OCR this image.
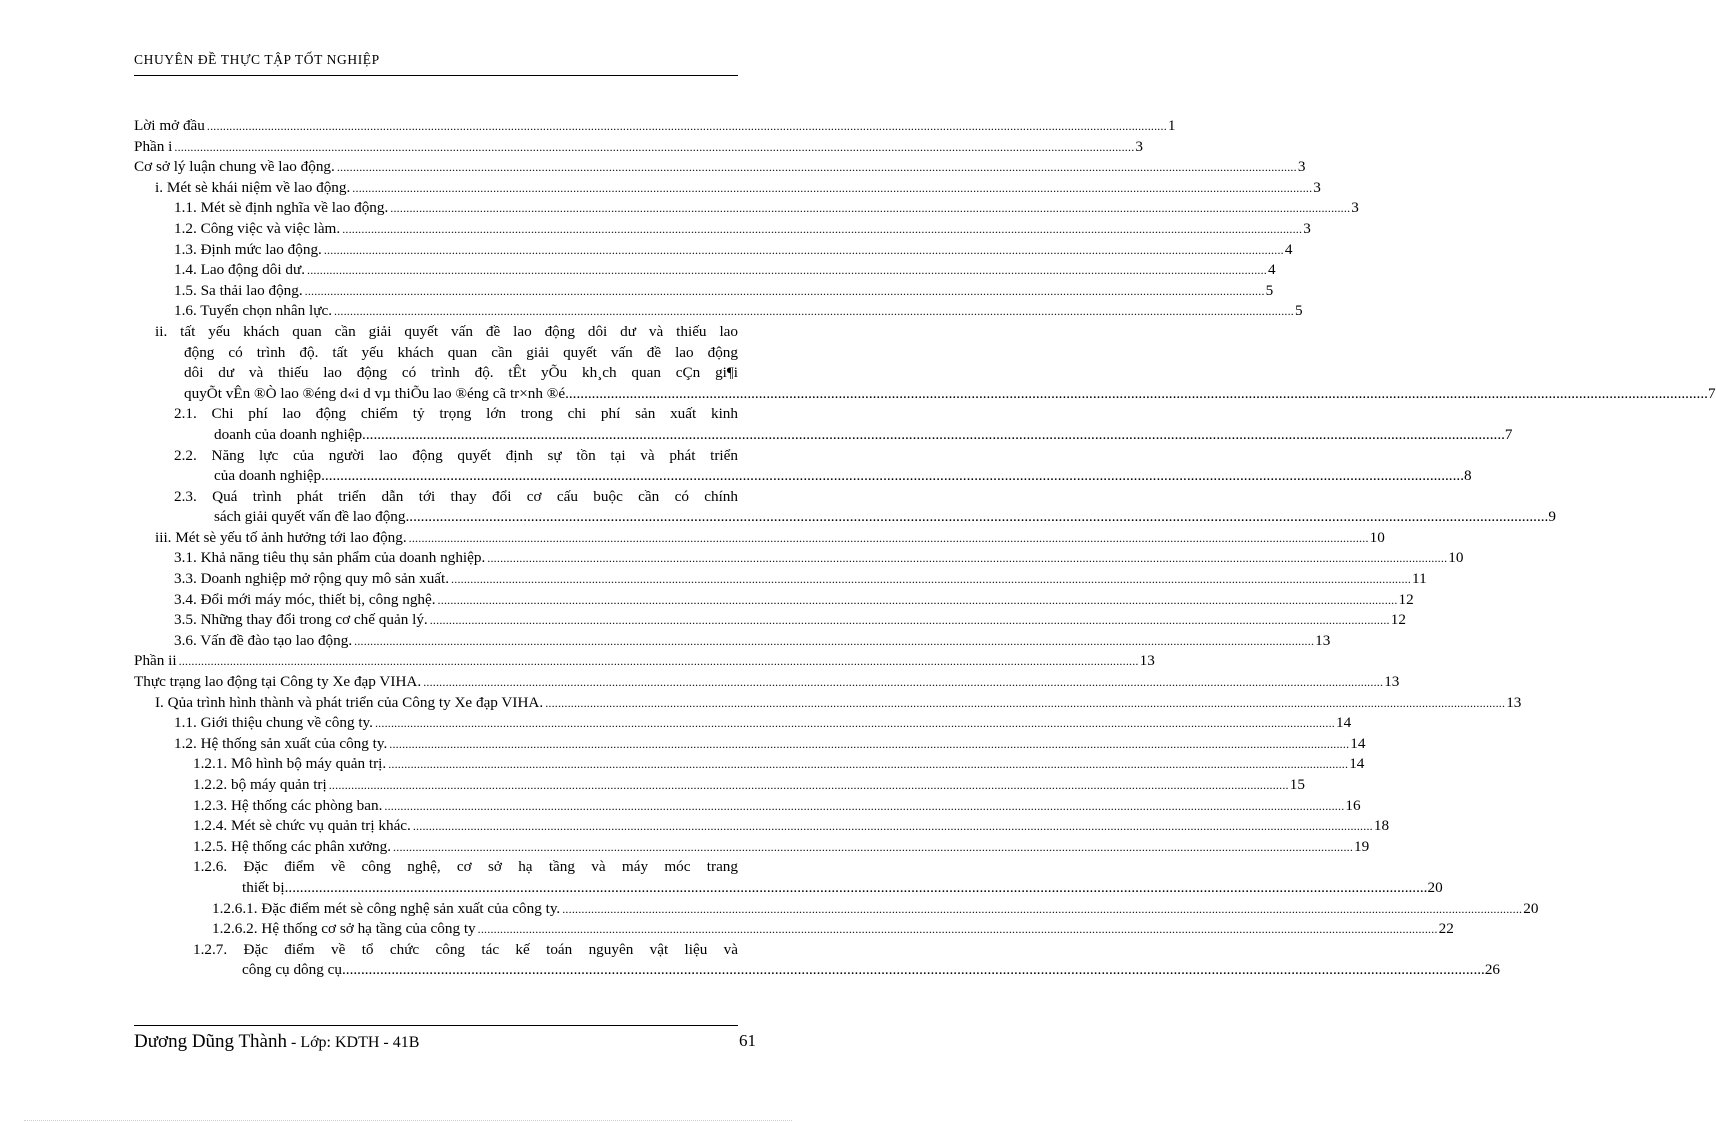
CHUYÊN ĐỀ THỰC TẬP TỐT NGHIỆP
Lời mở đầu ............................................................................................................................................................................................................................................................................................................ 1
Phần i ............................................................................................................................................................................................................................................................................................................ 3
Cơ sở lý luận chung về lao động. ............................................................................................................................................................................................................................................................................................................ 3
i. Mét sè khái niệm về lao động. ............................................................................................................................................................................................................................................................................................................ 3
1.1. Mét sè định nghĩa về lao động. ............................................................................................................................................................................................................................................................................................................ 3
1.2. Công việc và việc làm. ............................................................................................................................................................................................................................................................................................................ 3
1.3. Định mức lao động. ............................................................................................................................................................................................................................................................................................................ 4
1.4. Lao động dôi dư. ............................................................................................................................................................................................................................................................................................................ 4
1.5. Sa thải lao động. ............................................................................................................................................................................................................................................................................................................ 5
1.6. Tuyển chọn nhân lực. ............................................................................................................................................................................................................................................................................................................ 5
ii. tất yếu khách quan cần giải quyết vấn đề lao động dôi dư và thiếu lao
động có trình độ. tất yếu khách quan cần giải quyết vấn đề lao động
dôi dư và thiếu lao động có trình độ. tÊt yÕu kh¸ch quan cÇn gi¶i
quyÕt vÊn ®Ò lao ®éng d«i d vµ thiÕu lao ®éng cã tr×nh ®é. ............................................................................................................................................................................................................................................................................................................ 7
2.1. Chi phí lao động chiếm tỷ trọng lớn trong chi phí sản xuất kinh
doanh của doanh nghiệp. ............................................................................................................................................................................................................................................................................................................ 7
2.2. Năng lực của người lao động quyết định sự tồn tại và phát triển
của doanh nghiệp. ............................................................................................................................................................................................................................................................................................................ 8
2.3. Quá trình phát triển dẫn tới thay đổi cơ cấu buộc cần có chính
sách giải quyết vấn đề lao động. ............................................................................................................................................................................................................................................................................................................ 9
iii. Mét sè yếu tố ảnh hưởng tới lao động. ............................................................................................................................................................................................................................................................................................................ 10
3.1. Khả năng tiêu thụ sản phẩm của doanh nghiệp. ............................................................................................................................................................................................................................................................................................................ 10
3.3. Doanh nghiệp mở rộng quy mô sản xuất. ............................................................................................................................................................................................................................................................................................................ 11
3.4. Đổi mới máy móc, thiết bị, công nghệ. ............................................................................................................................................................................................................................................................................................................ 12
3.5. Những thay đổi trong cơ chế quản lý. ............................................................................................................................................................................................................................................................................................................ 12
3.6. Vấn đề đào tạo lao động. ............................................................................................................................................................................................................................................................................................................ 13
Phần ii ............................................................................................................................................................................................................................................................................................................ 13
Thực trạng lao động tại Công ty Xe đạp VIHA. ............................................................................................................................................................................................................................................................................................................ 13
I. Qủa trình hình thành và phát triển của Công ty Xe đạp VIHA. ............................................................................................................................................................................................................................................................................................................ 13
1.1. Giới thiệu chung về công ty. ............................................................................................................................................................................................................................................................................................................ 14
1.2. Hệ thống sản xuất của công ty. ............................................................................................................................................................................................................................................................................................................ 14
1.2.1. Mô hình bộ máy quản trị. ............................................................................................................................................................................................................................................................................................................ 14
1.2.2. bộ máy quản trị ............................................................................................................................................................................................................................................................................................................ 15
1.2.3. Hệ thống các phòng ban. ............................................................................................................................................................................................................................................................................................................ 16
1.2.4. Mét sè chức vụ quản trị khác. ............................................................................................................................................................................................................................................................................................................ 18
1.2.5. Hệ thống các phân xưởng. ............................................................................................................................................................................................................................................................................................................ 19
1.2.6. Đặc điểm về công nghệ, cơ sở hạ tầng và máy móc trang
thiết bị. ............................................................................................................................................................................................................................................................................................................ 20
1.2.6.1. Đặc điểm mét sè công nghệ sản xuất của công ty. ............................................................................................................................................................................................................................................................................................................ 20
1.2.6.2. Hệ thống cơ sở hạ tầng của công ty ............................................................................................................................................................................................................................................................................................................ 22
1.2.7. Đặc điểm về tổ chức công tác kế toán nguyên vật liệu và
công cụ dông cụ. ............................................................................................................................................................................................................................................................................................................ 26
Dương Dũng Thành - Lớp: KDTH - 41B	61
